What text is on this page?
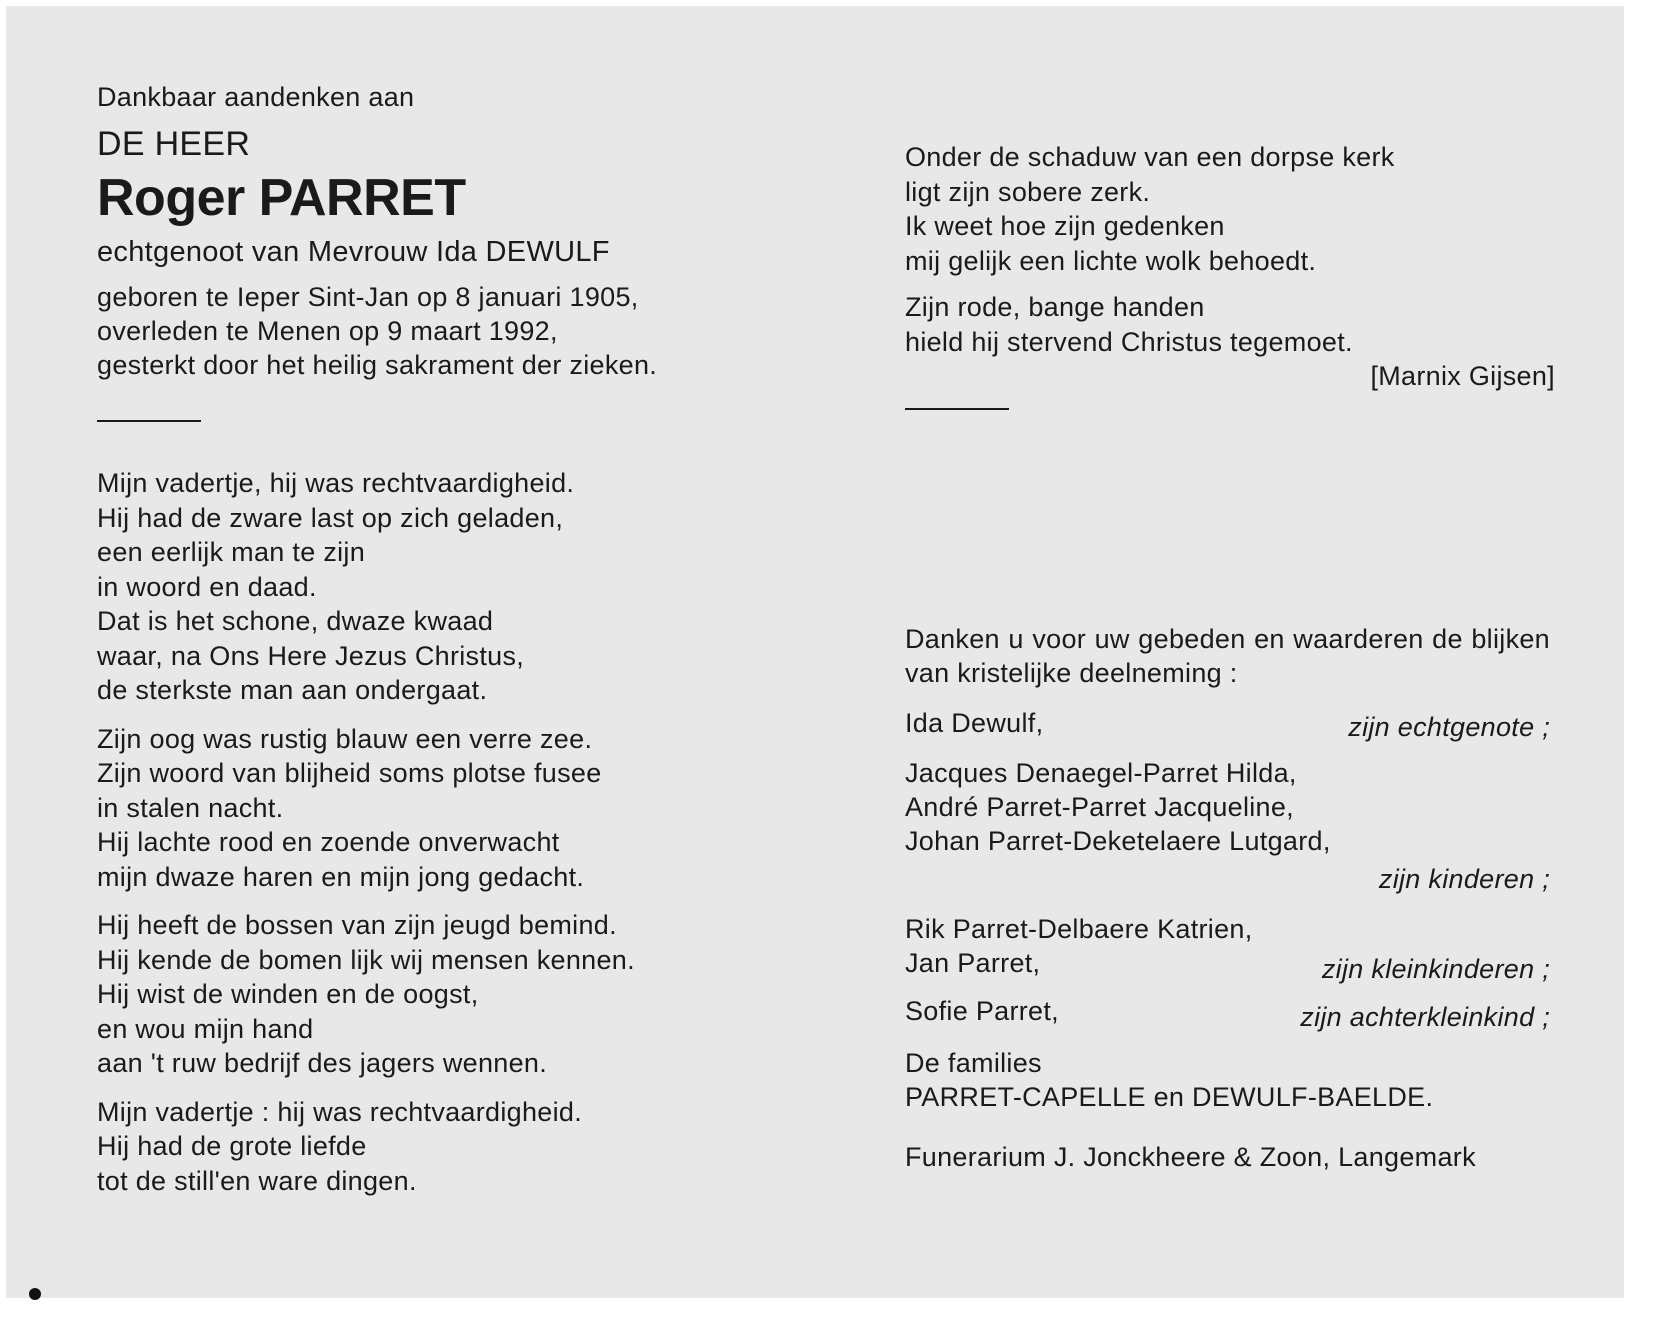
Dankbaar aandenken aan
DE HEER
Roger PARRET
echtgenoot van Mevrouw Ida DEWULF
geboren te Ieper Sint-Jan op 8 januari 1905,
overleden te Menen op 9 maart 1992,
gesterkt door het heilig sakrament der zieken.
Mijn vadertje, hij was rechtvaardigheid.
Hij had de zware last op zich geladen,
een eerlijk man te zijn
in woord en daad.
Dat is het schone, dwaze kwaad
waar, na Ons Here Jezus Christus,
de sterkste man aan ondergaat.
Zijn oog was rustig blauw een verre zee.
Zijn woord van blijheid soms plotse fusee
in stalen nacht.
Hij lachte rood en zoende onverwacht
mijn dwaze haren en mijn jong gedacht.
Hij heeft de bossen van zijn jeugd bemind.
Hij kende de bomen lijk wij mensen kennen.
Hij wist de winden en de oogst,
en wou mijn hand
aan 't ruw bedrijf des jagers wennen.
Mijn vadertje : hij was rechtvaardigheid.
Hij had de grote liefde
tot de still'en ware dingen.
Onder de schaduw van een dorpse kerk
ligt zijn sobere zerk.
Ik weet hoe zijn gedenken
mij gelijk een lichte wolk behoedt.
Zijn rode, bange handen
hield hij stervend Christus tegemoet.
[Marnix Gijsen]
Danken u voor uw gebeden en waarderen de blijken van kristelijke deelneming :
Ida Dewulf,	zijn echtgenote ;
Jacques Denaegel-Parret Hilda,
André Parret-Parret Jacqueline,
Johan Parret-Deketelaere Lutgard,
zijn kinderen ;
Rik Parret-Delbaere Katrien,
Jan Parret,	zijn kleinkinderen ;
Sofie Parret,	zijn achterkleinkind ;
De families
PARRET-CAPELLE en DEWULF-BAELDE.
Funerarium J. Jonckheere & Zoon, Langemark
